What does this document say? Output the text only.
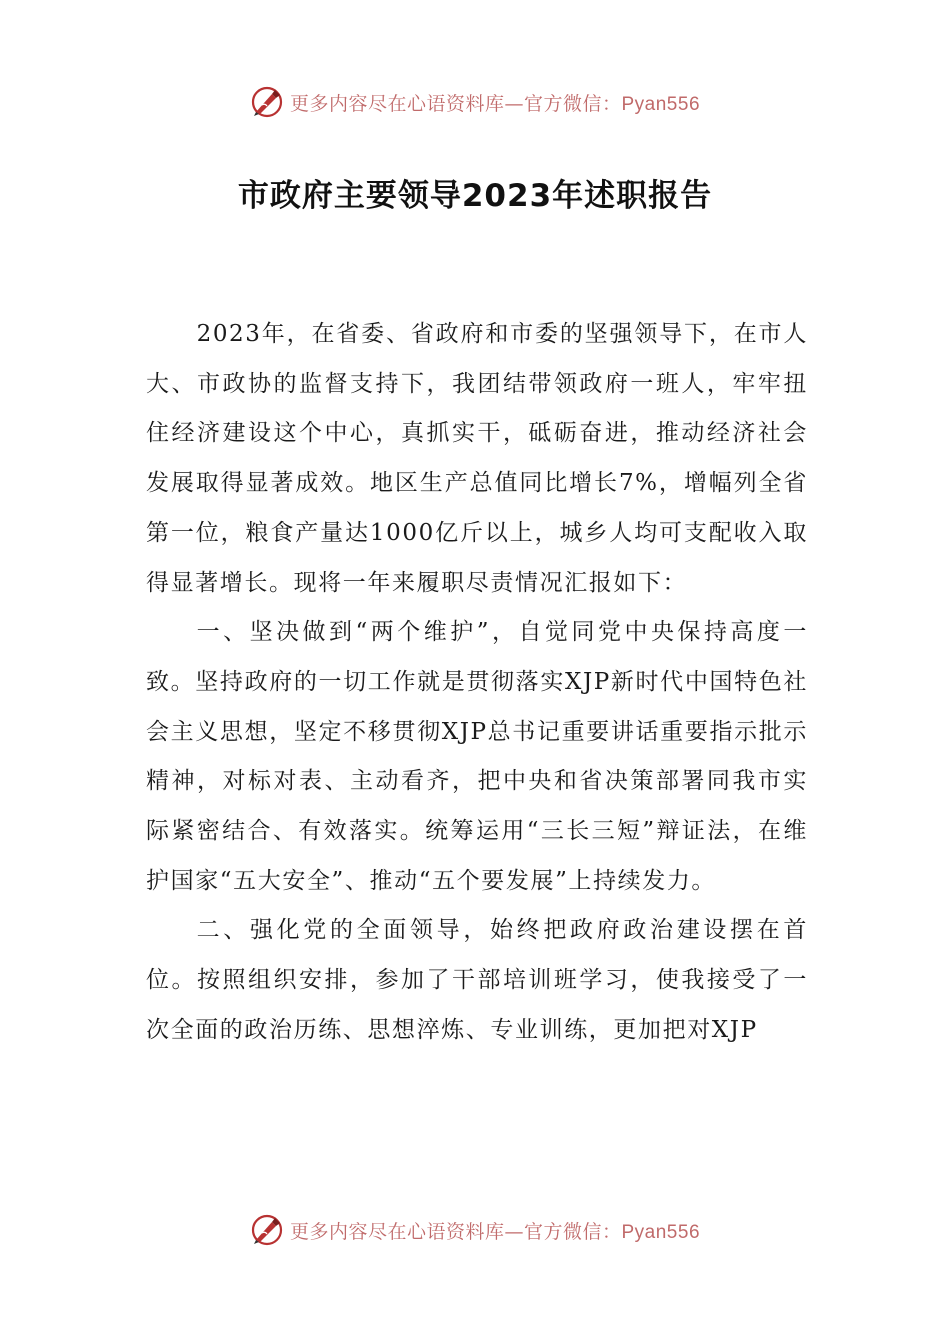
更多内容尽在心语资料库—官方微信：Pyan556
市政府主要领导2023年述职报告

2023年，在省委、省政府和市委的坚强领导下，在市人大、市政协的监督支持下，我团结带领政府一班人，牢牢扭住经济建设这个中心，真抓实干，砥砺奋进，推动经济社会发展取得显著成效。地区生产总值同比增长7%，增幅列全省第一位，粮食产量达1000亿斤以上，城乡人均可支配收入取得显著增长。现将一年来履职尽责情况汇报如下：

一、坚决做到“两个维护”，自觉同党中央保持高度一致。坚持政府的一切工作就是贯彻落实XJP新时代中国特色社会主义思想，坚定不移贯彻XJP总书记重要讲话重要指示批示精神，对标对表、主动看齐，把中央和省决策部署同我市实际紧密结合、有效落实。统筹运用“三长三短”辩证法，在维护国家“五大安全”、推动“五个要发展”上持续发力。

二、强化党的全面领导，始终把政府政治建设摆在首位。按照组织安排，参加了干部培训班学习，使我接受了一次全面的政治历练、思想淬炼、专业训练，更加把对XJP

更多内容尽在心语资料库—官方微信：Pyan556
